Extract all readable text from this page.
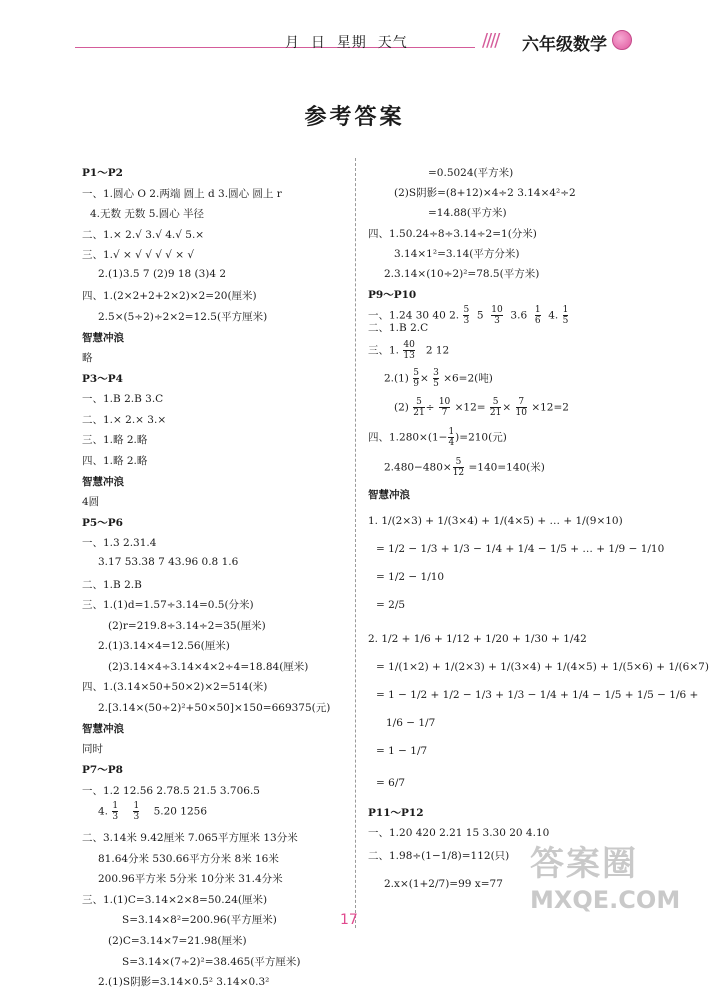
月  日  星期  天气	//// 六年级数学
参考答案
P1～P2
一、1.圆心 O 2.两端 圆上 d 3.圆心 圆上 r
4.无数 无数 5.圆心 半径
二、1.× 2.√ 3.√ 4.√ 5.×
三、1.√ × √ √ √ √ × √
2.(1)3.5 7 (2)9 18 (3)4 2
四、1.(2×2+2+2×2)×2=20(厘米)
2.5×(5÷2)÷2×2=12.5(平方厘米)
智慧冲浪
略
P3～P4
一、1.B 2.B 3.C
二、1.× 2.× 3.×
三、1.略 2.略
四、1.略 2.略
智慧冲浪
4圆
P5～P6
一、1.3 2.31.4
3.17 53.38 7 43.96 0.8 1.6
二、1.B 2.B
三、1.(1)d=1.57÷3.14=0.5(分米)
(2)r=219.8÷3.14÷2=35(厘米)
2.(1)3.14×4=12.56(厘米)
(2)3.14×4÷3.14×4×2÷4=18.84(厘米)
四、1.(3.14×50+50×2)×2=514(米)
2.[3.14×(50÷2)²+50×50]×150=669375(元)
智慧冲浪
同时
P7～P8
一、1.2 12.56 2.78.5 21.5 3.706.5
4. $\frac{1}{3}$
$\frac{1}{3} 5.20$ 1256
二、3.14米 9.42厘米 7.065平方厘米 13分米
81.64分米 530.66平方分米 8米 16米
200.96平方米 5分米 10分米 31.4分米
三、1.(1)C=3.14×2×8=50.24(厘米)
S=3.14×8²=200.96(平方厘米)
(2)C=3.14×7=21.98(厘米)
S=3.14×(7÷2)²=38.465(平方厘米)
2.(1)S阴影=3.14×0.5² 3.14×0.3²
=0.5024(平方米)
(2)S阴影=(8+12)×4÷2 3.14×4²÷2
=14.88(平方米)
四、1.50.24÷8÷3.14÷2=1(分米)
3.14×1²=3.14(平方分米)
2.3.14×(10÷2)²=78.5(平方米)
P9～P10
一、1.24 30 40 2. $\frac{5}{3} 5 \frac{10}{3} 3.6 \frac{1}{6} 4$. $\frac{1}{5}$
二、1.B 2.C
三、1. $\frac{40}{13} 2$ 12
$2.(1) \frac{5}{9} \times \frac{3}{5} \times 6=2$(吨)
$(2) \frac{5}{21} \div \frac{10}{7} \times 12= \frac{5}{21} \times \frac{7}{10} \times 12=2$
四、$1.280\times(1- \frac{1}{4} )=210$(元)
$2.480-480\times \frac{5}{12} =140=140$(米)
智慧冲浪
1. 1/(2×3) + 1/(3×4) + 1/(4×5) + … + 1/(9×10)
= 1/2 − 1/3 + 1/3 − 1/4 + 1/4 − 1/5 + … + 1/9 − 1/10
= 1/2 − 1/10
= 2/5
2. 1/2 + 1/6 + 1/12 + 1/20 + 1/30 + 1/42
= 1/(1×2) + 1/(2×3) + 1/(3×4) + 1/(4×5) + 1/(5×6) + 1/(6×7)
= 1 − 1/2 + 1/2 − 1/3 + 1/3 − 1/4 + 1/4 − 1/5 + 1/5 − 1/6 +
1/6 − 1/7
= 1 − 1/7
= 6/7
P11～P12
一、1.20 420 2.21 15 3.30 20 4.10
二、1.98÷(1−1/8)=112(只)
2.x×(1+2/7)=99 x=77 答案圈
MXQE.COM
17
